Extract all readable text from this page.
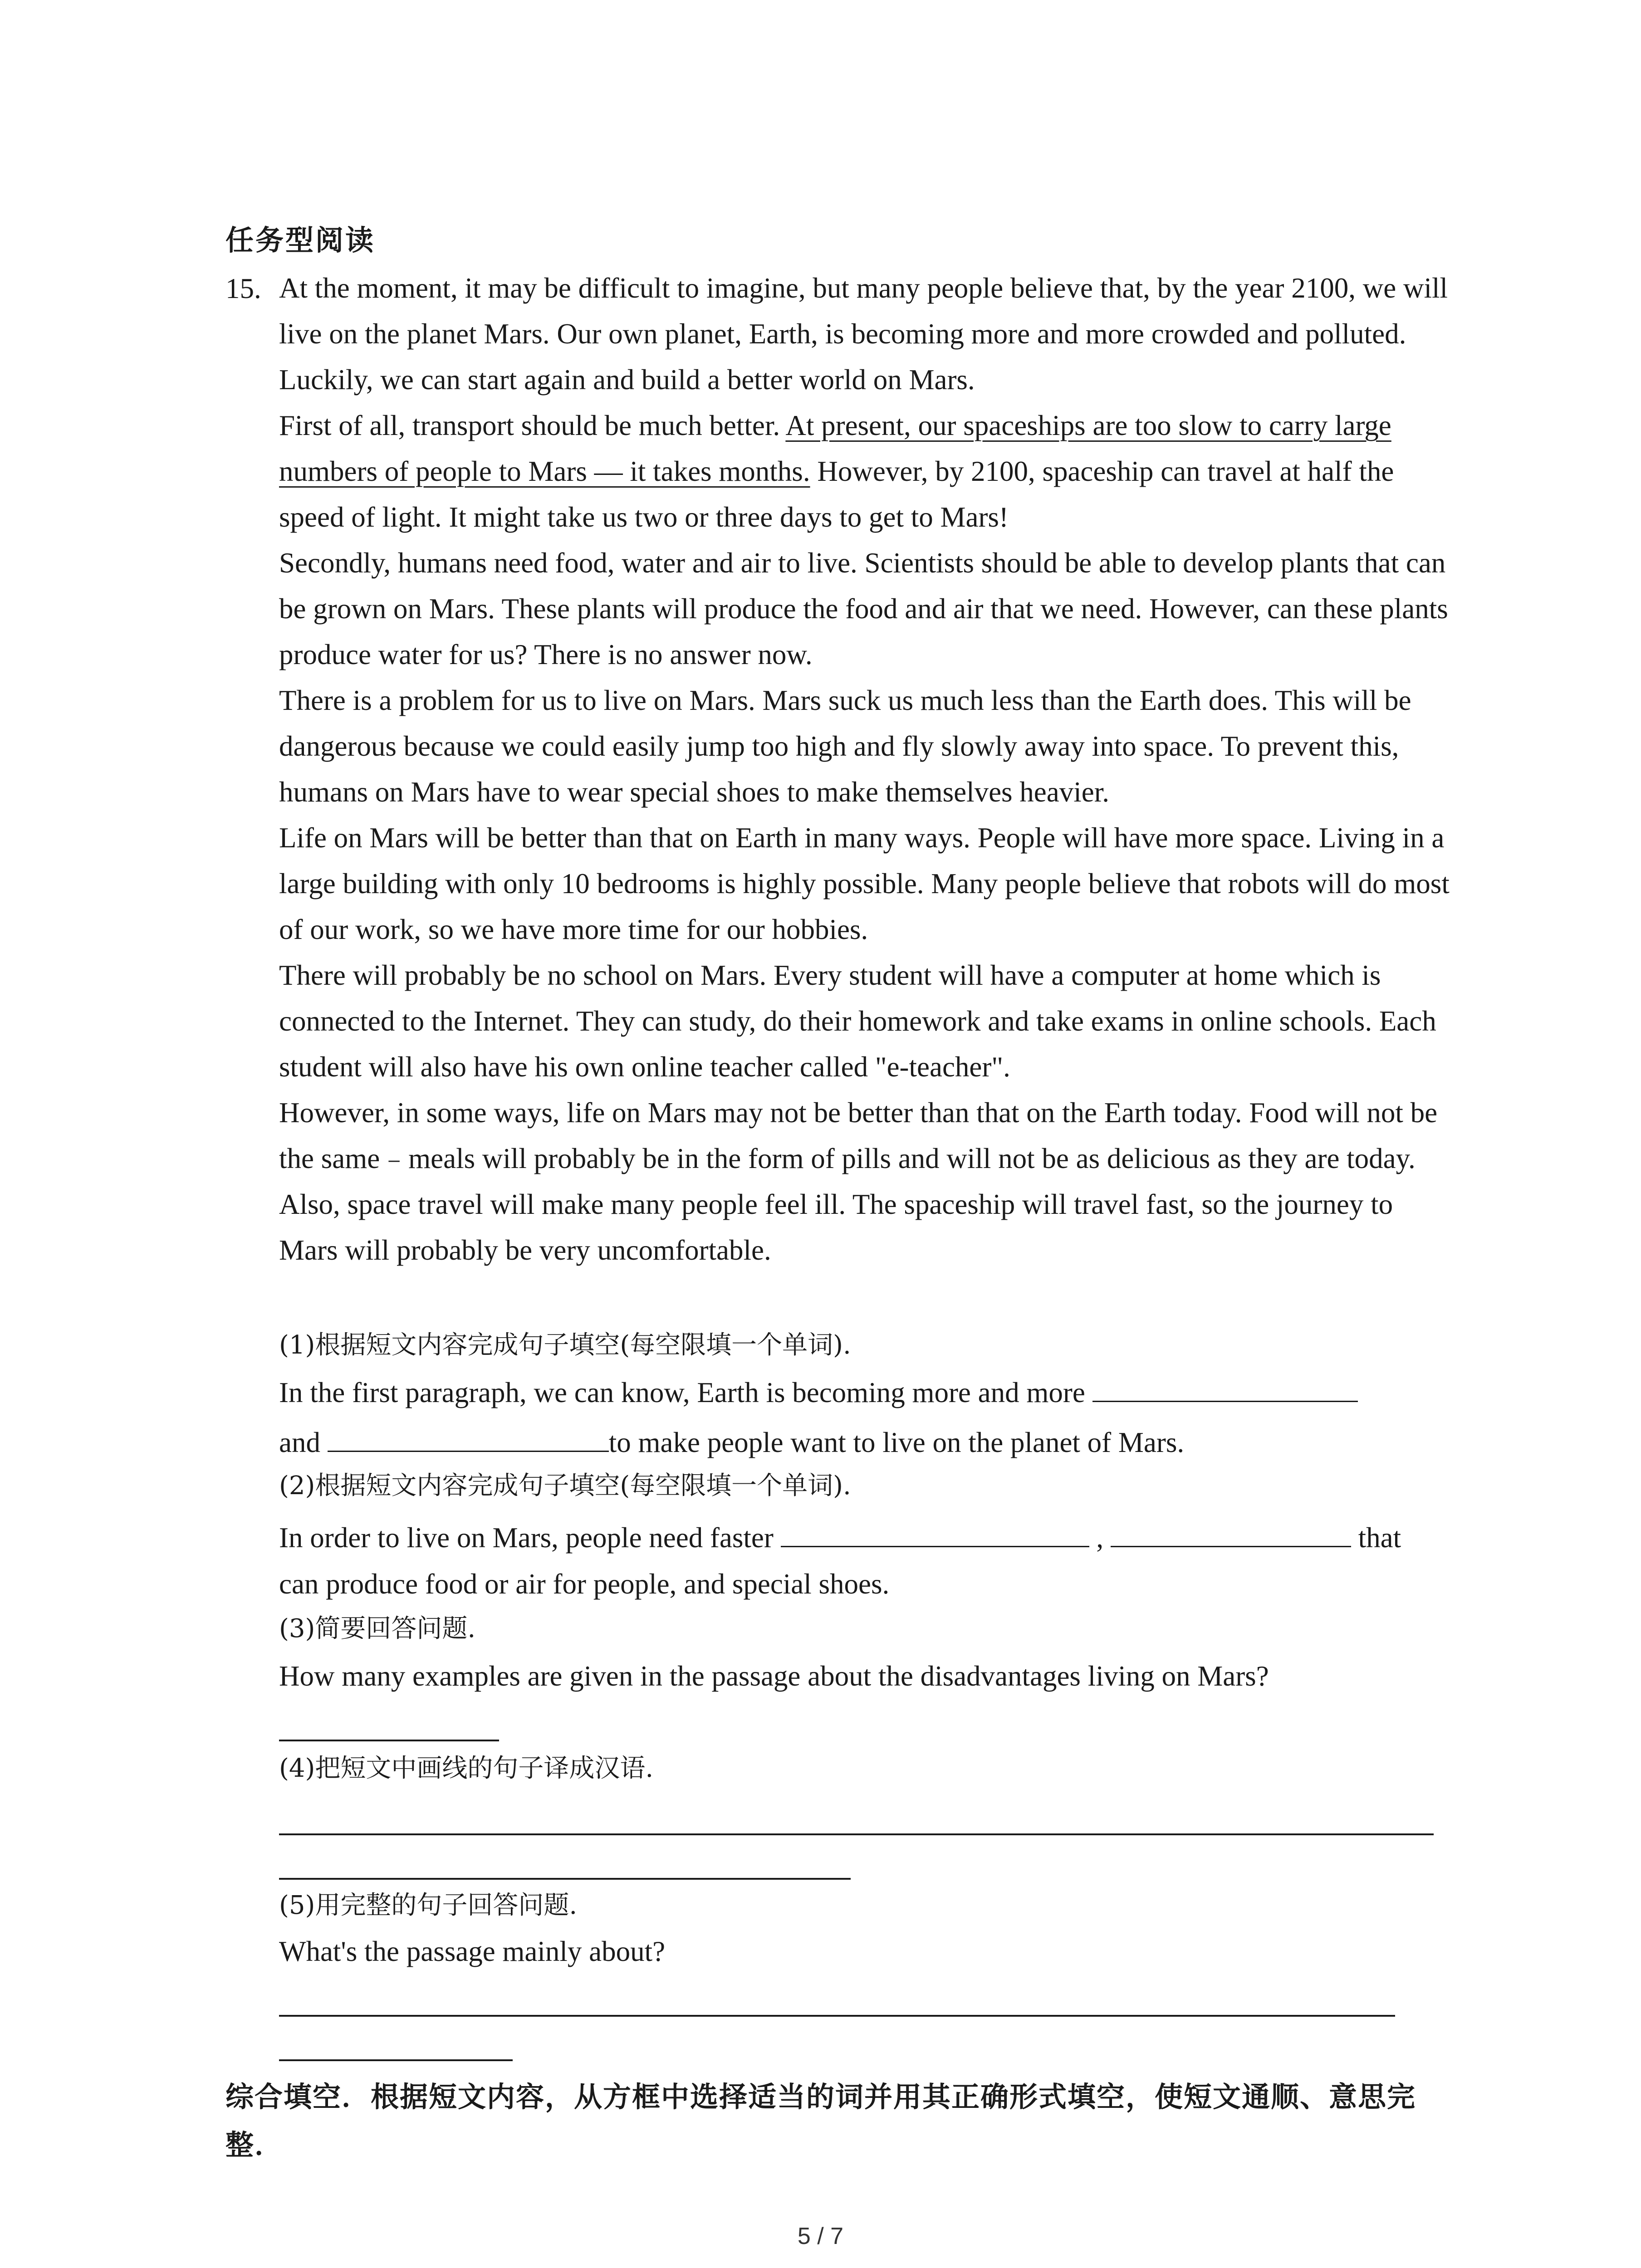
任务型阅读
15. At the moment, it may be difficult to imagine, but many people believe that, by the year 2100, we will live on the planet Mars. Our own planet, Earth, is becoming more and more crowded and polluted. Luckily, we can start again and build a better world on Mars.
First of all, transport should be much better. At present, our spaceships are too slow to carry large numbers of people to Mars — it takes months. However, by 2100, spaceship can travel at half the speed of light. It might take us two or three days to get to Mars!
Secondly, humans need food, water and air to live. Scientists should be able to develop plants that can be grown on Mars. These plants will produce the food and air that we need. However, can these plants produce water for us? There is no answer now.
There is a problem for us to live on Mars. Mars suck us much less than the Earth does. This will be dangerous because we could easily jump too high and fly slowly away into space. To prevent this, humans on Mars have to wear special shoes to make themselves heavier.
Life on Mars will be better than that on Earth in many ways. People will have more space. Living in a large building with only 10 bedrooms is highly possible. Many people believe that robots will do most of our work, so we have more time for our hobbies.
There will probably be no school on Mars. Every student will have a computer at home which is connected to the Internet. They can study, do their homework and take exams in online schools. Each student will also have his own online teacher called "e-teacher".
However, in some ways, life on Mars may not be better than that on the Earth today. Food will not be the same﹣meals will probably be in the form of pills and will not be as delicious as they are today. Also, space travel will make many people feel ill. The spaceship will travel fast, so the journey to Mars will probably be very uncomfortable.
(1)根据短文内容完成句子填空(每空限填一个单词).
In the first paragraph, we can know, Earth is becoming more and more
and	to make people want to live on the planet of Mars.
(2)根据短文内容完成句子填空(每空限填一个单词).
In order to live on Mars, people need faster	,	that
can produce food or air for people, and special shoes.
(3)简要回答问题.
How many examples are given in the passage about the disadvantages living on Mars?
(4)把短文中画线的句子译成汉语.
(5)用完整的句子回答问题.
What's the passage mainly about?
综合填空．根据短文内容，从方框中选择适当的词并用其正确形式填空，使短文通顺、意思完整．
5 / 7
